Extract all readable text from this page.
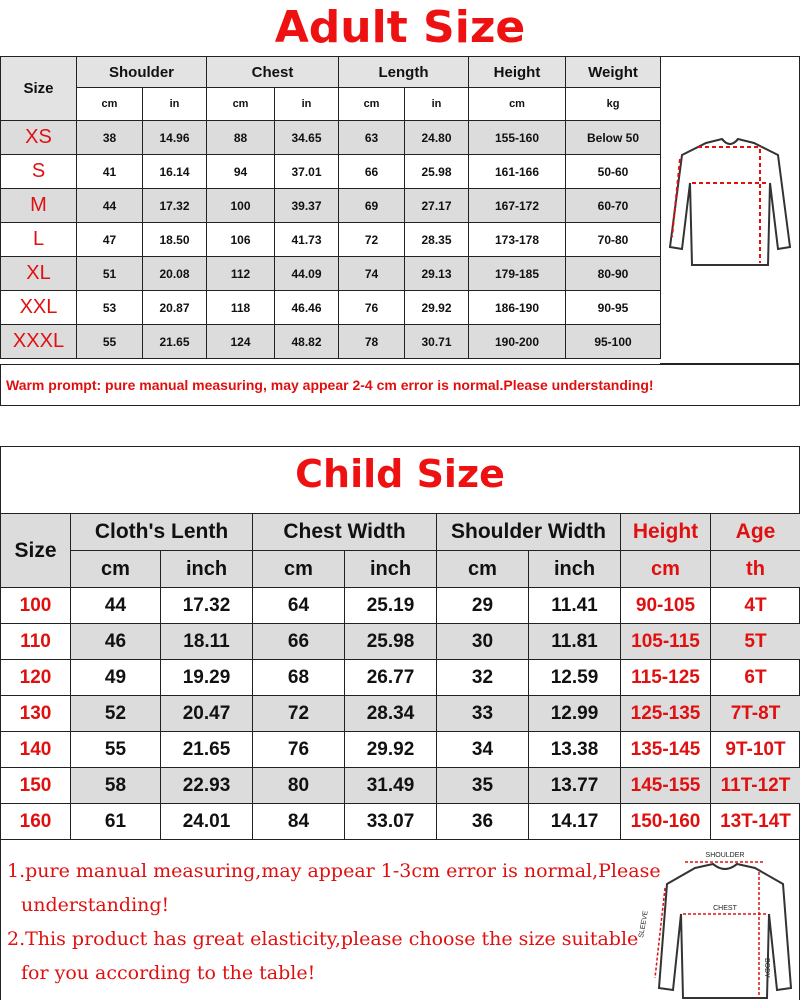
Adult Size
Size	Shoulder		Chest		Length		Height	Weight
	cm	in	cm	in	cm	in	cm	kg
XS	38	14.96	88	34.65	63	24.80	155-160	Below 50
S	41	16.14	94	37.01	66	25.98	161-166	50-60
M	44	17.32	100	39.37	69	27.17	167-172	60-70
L	47	18.50	106	41.73	72	28.35	173-178	70-80
XL	51	20.08	112	44.09	74	29.13	179-185	80-90
XXL	53	20.87	118	46.46	76	29.92	186-190	90-95
XXXL	55	21.65	124	48.82	78	30.71	190-200	95-100
Warm prompt: pure manual measuring, may appear 2-4 cm error is normal.Please understanding!
Child Size
Size	Cloth's Lenth		Chest Width		Shoulder Width		Height	Age
	cm	inch	cm	inch	cm	inch	cm	th
100	44	17.32	64	25.19	29	11.41	90-105	4T
110	46	18.11	66	25.98	30	11.81	105-115	5T
120	49	19.29	68	26.77	32	12.59	115-125	6T
130	52	20.47	72	28.34	33	12.99	125-135	7T-8T
140	55	21.65	76	29.92	34	13.38	135-145	9T-10T
150	58	22.93	80	31.49	35	13.77	145-155	11T-12T
160	61	24.01	84	33.07	36	14.17	150-160	13T-14T
1.pure manual measuring,may appear 1-3cm error is normal,Please
understanding!
2.This product has great elasticity,please choose the size suitable
for you according to the table!
SHOULDER
CHEST
BODY
SLEEVE
